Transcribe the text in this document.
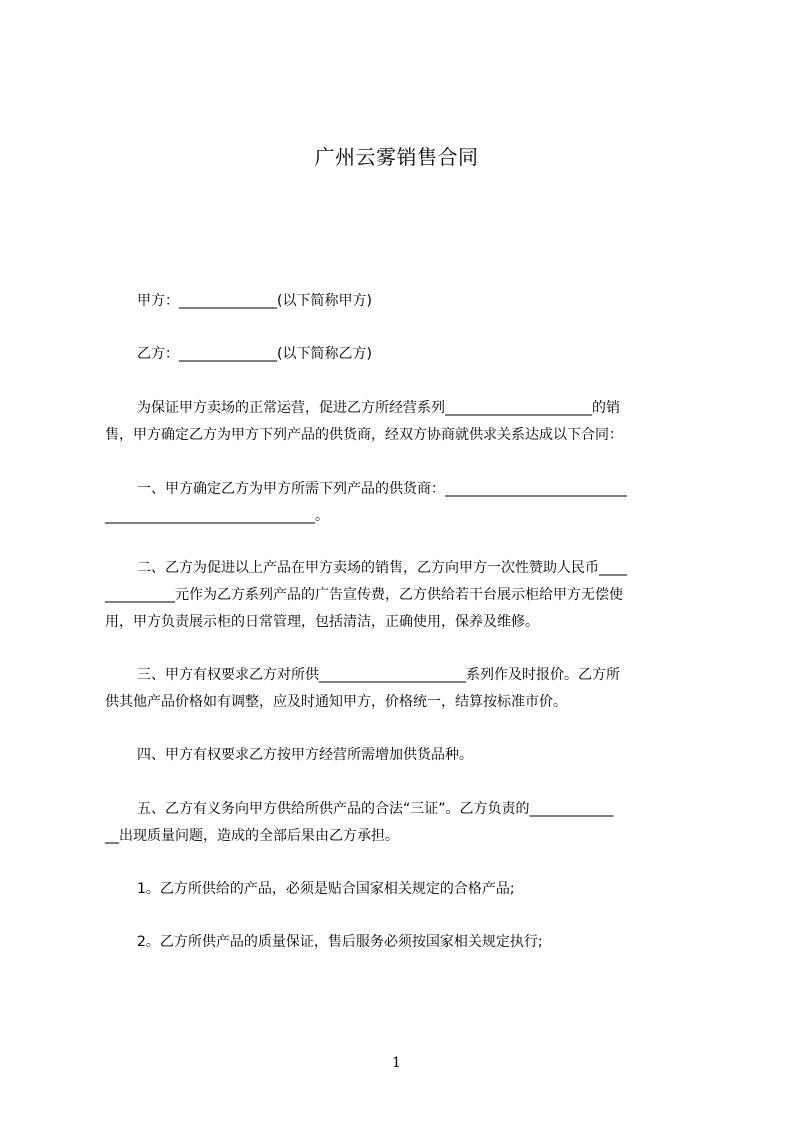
广州云雾销售合同
甲方：______________(以下简称甲方)
乙方：______________(以下简称乙方)
为保证甲方卖场的正常运营，促进乙方所经营系列_____________________的销
售，甲方确定乙方为甲方下列产品的供货商，经双方协商就供求关系达成以下合同：
一、甲方确定乙方为甲方所需下列产品的供货商：__________________________
______________________________。
二、乙方为促进以上产品在甲方卖场的销售，乙方向甲方一次性赞助人民币____
__________元作为乙方系列产品的广告宣传费，乙方供给若干台展示柜给甲方无偿使
用，甲方负责展示柜的日常管理，包括清洁，正确使用，保养及维修。
三、甲方有权要求乙方对所供_____________________系列作及时报价。乙方所
供其他产品价格如有调整，应及时通知甲方，价格统一，结算按标准市价。
四、甲方有权要求乙方按甲方经营所需增加供货品种。
五、乙方有义务向甲方供给所供产品的合法“三证”。乙方负责的____________
__出现质量问题，造成的全部后果由乙方承担。
1。乙方所供给的产品，必须是贴合国家相关规定的合格产品;
2。乙方所供产品的质量保证，售后服务必须按国家相关规定执行;
1
